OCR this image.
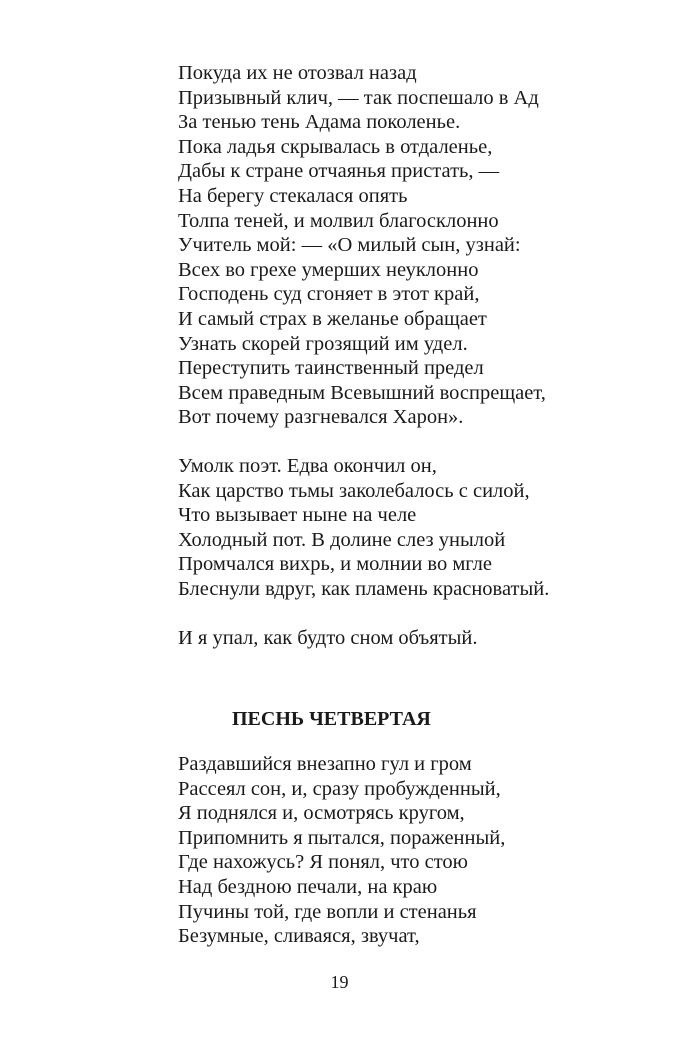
Покуда их не отозвал назад
Призывный клич, — так поспешало в Ад
За тенью тень Адама поколенье.
Пока ладья скрывалась в отдаленье,
Дабы к стране отчаянья пристать, —
На берегу стекалася опять
Толпа теней, и молвил благосклонно
Учитель мой: — «О милый сын, узнай:
Всех во грехе умерших неуклонно
Господень суд сгоняет в этот край,
И самый страх в желанье обращает
Узнать скорей грозящий им удел.
Переступить таинственный предел
Всем праведным Всевышний воспрещает,
Вот почему разгневался Харон».
Умолк поэт. Едва окончил он,
Как царство тьмы заколебалось с силой,
Что вызывает ныне на челе
Холодный пот. В долине слез унылой
Промчался вихрь, и молнии во мгле
Блеснули вдруг, как пламень красноватый.
И я упал, как будто сном объятый.
ПЕСНЬ ЧЕТВЕРТАЯ
Раздавшийся внезапно гул и гром
Рассеял сон, и, сразу пробужденный,
Я поднялся и, осмотрясь кругом,
Припомнить я пытался, пораженный,
Где нахожусь? Я понял, что стою
Над бездною печали, на краю
Пучины той, где вопли и стенанья
Безумные, сливаяся, звучат,
19
